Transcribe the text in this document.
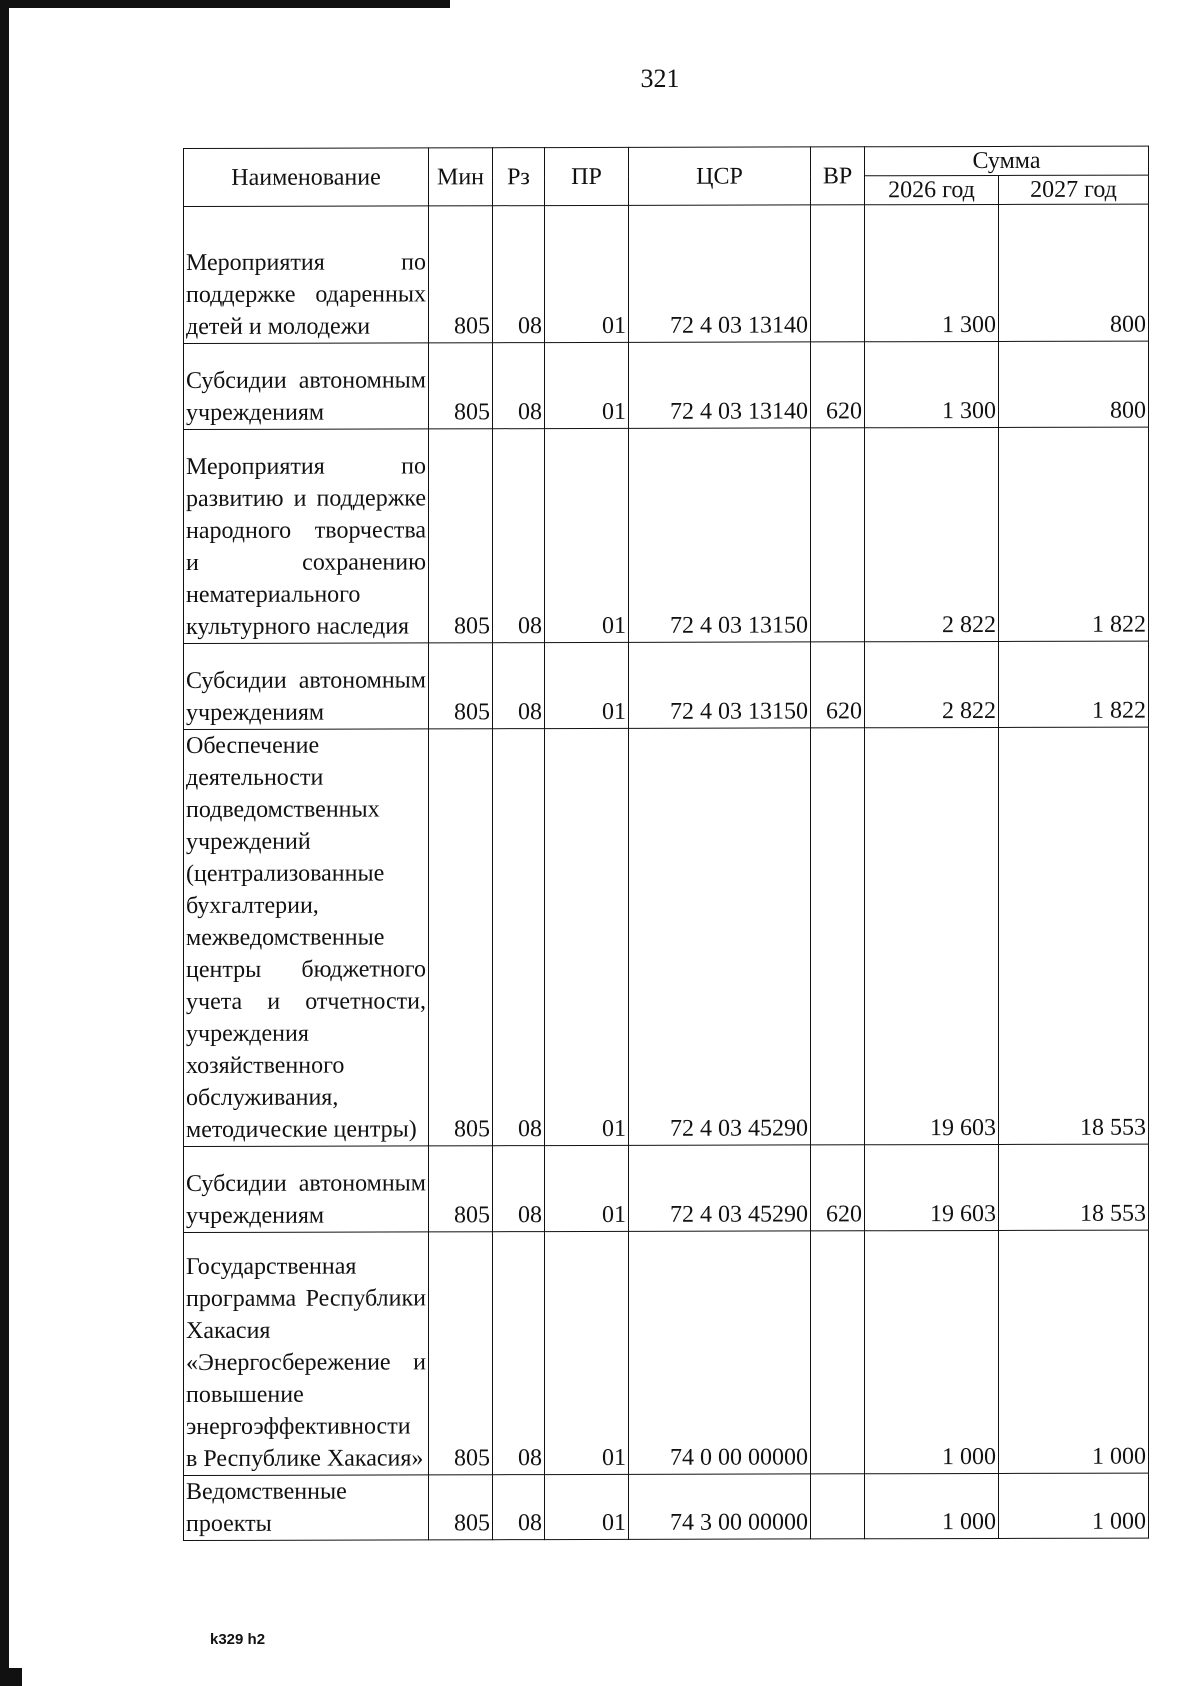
321
Наименование	Мин	Рз	ПР	ЦСР	ВР	Сумма	
						2026 год	2027 год
Мероприятия по поддержке одаренных детей и молодежи	805	08	01	72 4 03 13140		1 300	800
Субсидии автономным учреждениям	805	08	01	72 4 03 13140	620	1 300	800
Мероприятия по развитию и поддержке народного творчества и сохранению нематериального культурного наследия	805	08	01	72 4 03 13150		2 822	1 822
Субсидии автономным учреждениям	805	08	01	72 4 03 13150	620	2 822	1 822
Обеспечение деятельности подведомственных учреждений (централизованные бухгалтерии, межведомственные центры бюджетного учета и отчетности, учреждения хозяйственного обслуживания, методические центры)	805	08	01	72 4 03 45290		19 603	18 553
Субсидии автономным учреждениям	805	08	01	72 4 03 45290	620	19 603	18 553
Государственная программа Республики Хакасия «Энергосбережение и повышение энергоэффективности в Республике Хакасия»	805	08	01	74 0 00 00000		1 000	1 000
Ведомственные проекты	805	08	01	74 3 00 00000		1 000	1 000
k329 h2
